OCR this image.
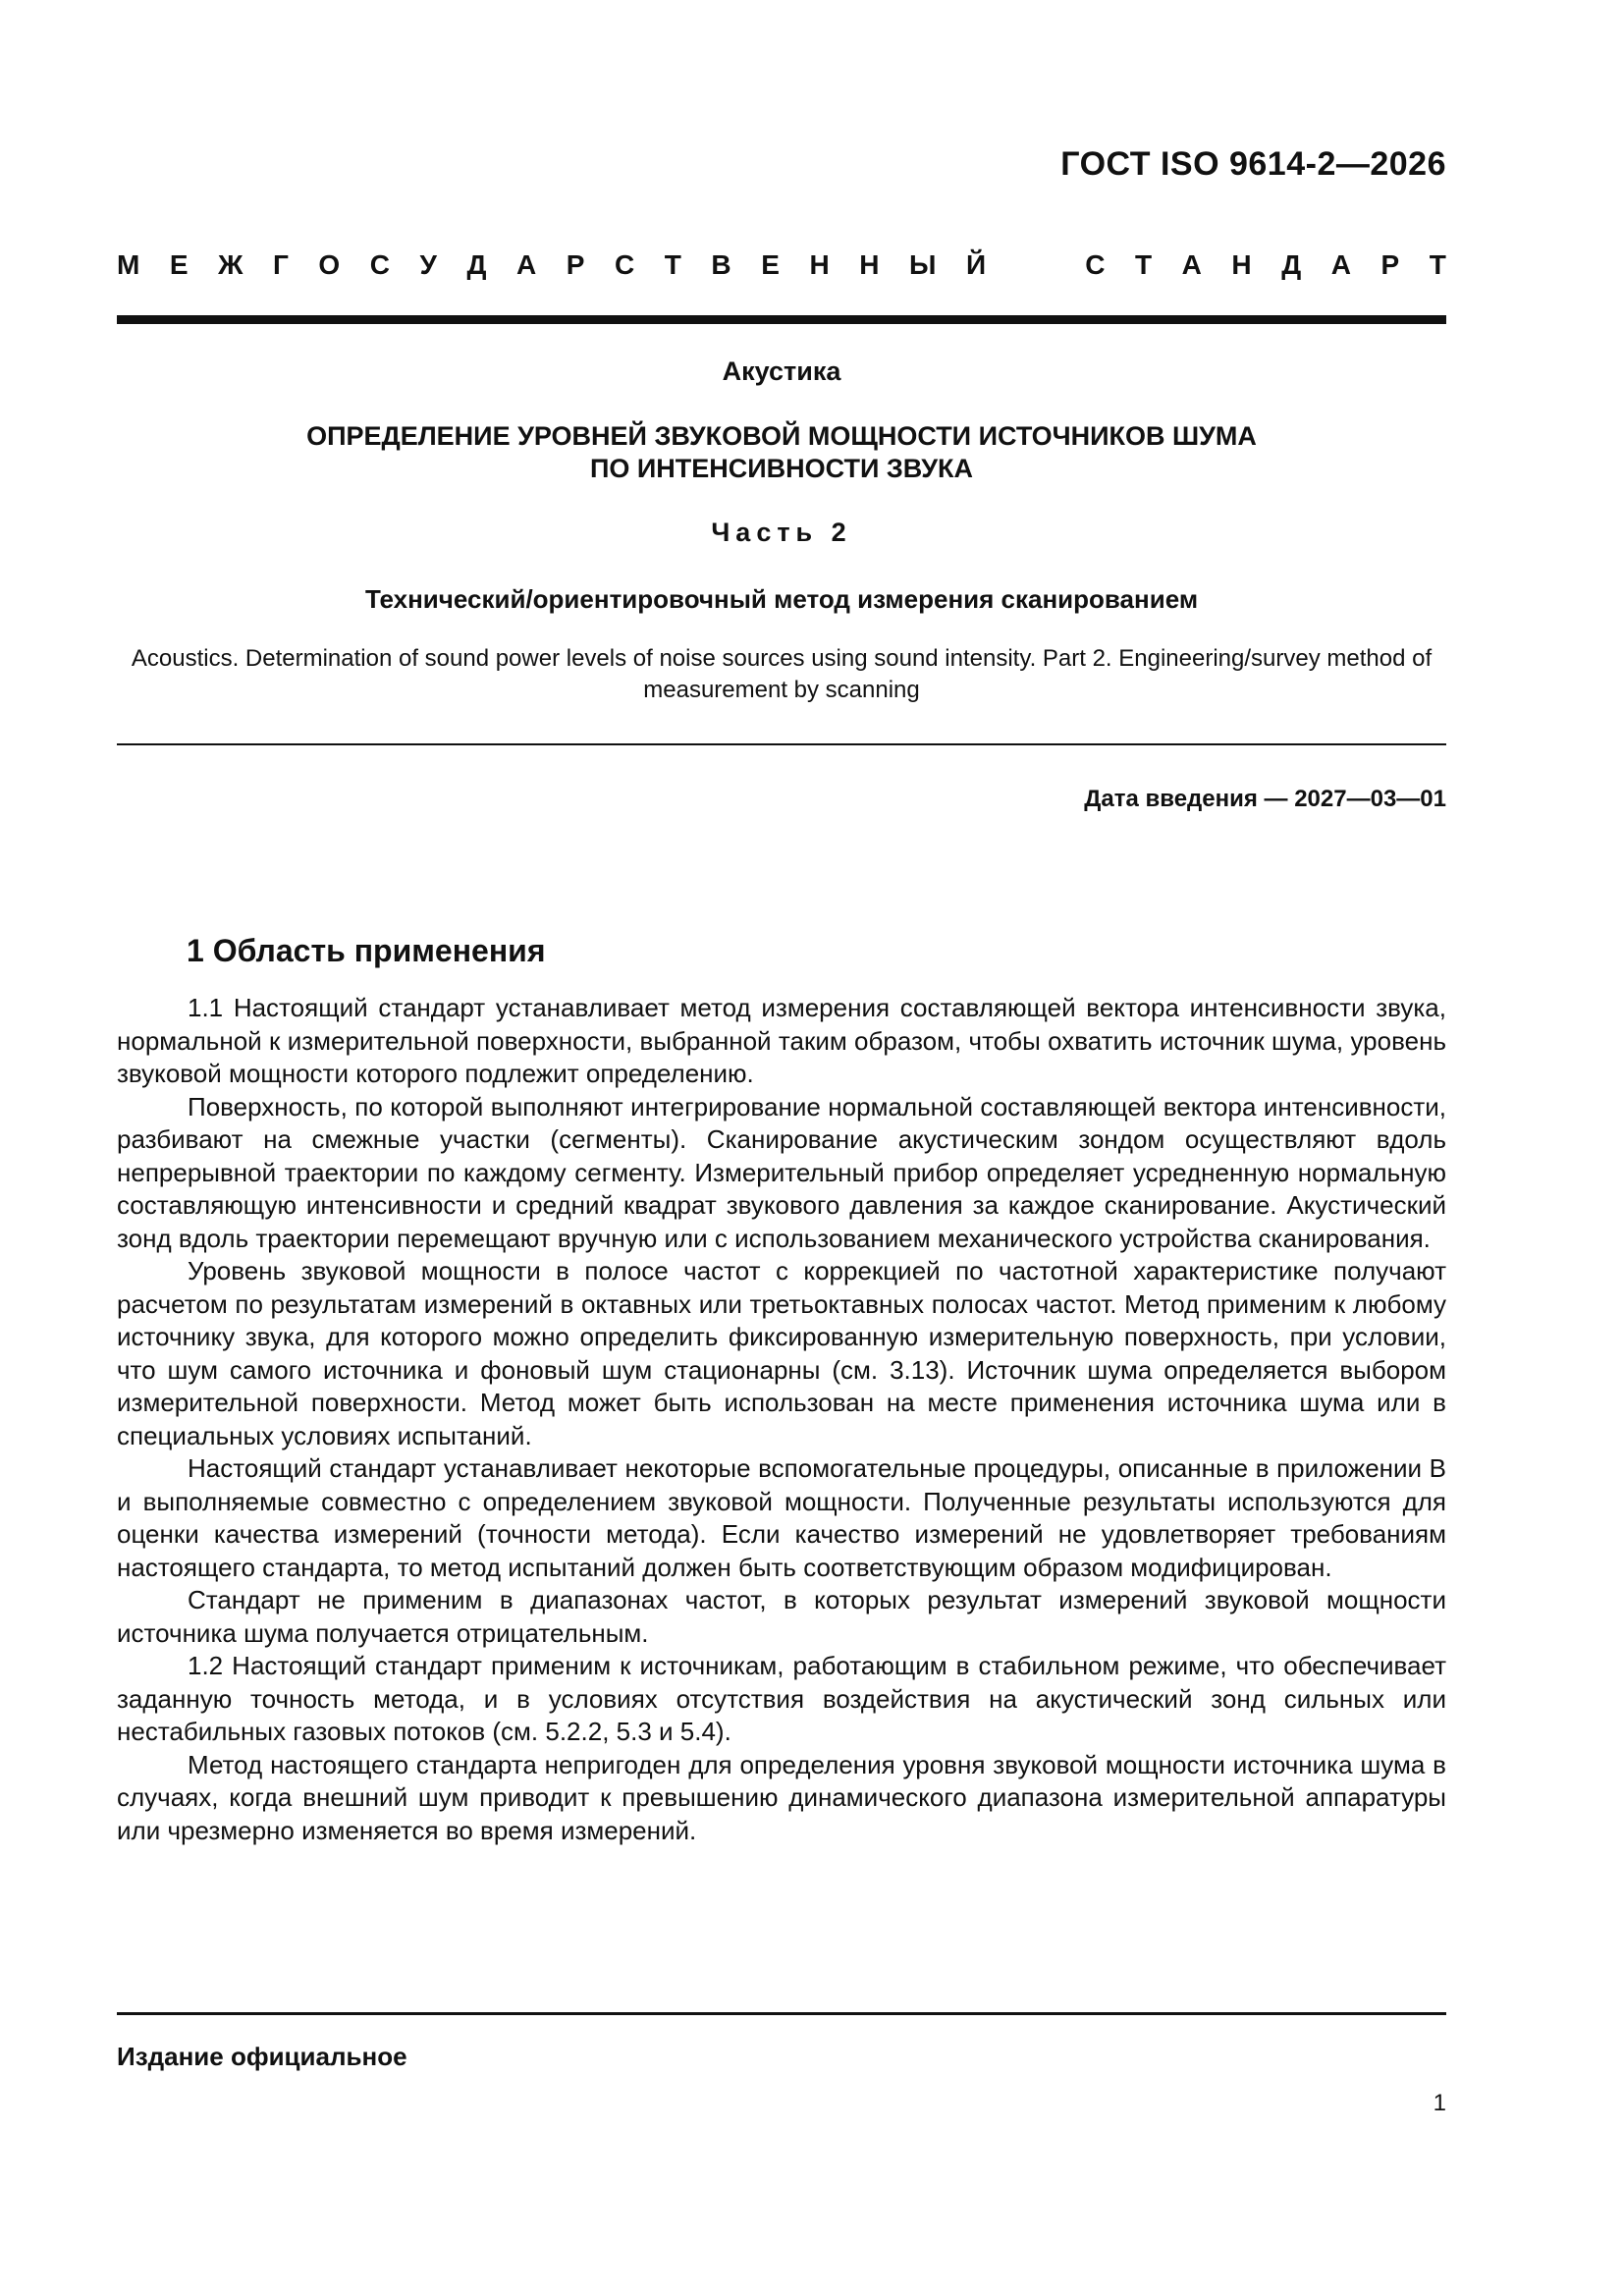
ГОСТ ISO 9614-2—2026
М Е Ж Г О С У Д А Р С Т В Е Н Н Ы Й	С Т А Н Д А Р Т
Акустика
ОПРЕДЕЛЕНИЕ УРОВНЕЙ ЗВУКОВОЙ МОЩНОСТИ ИСТОЧНИКОВ ШУМА
ПО ИНТЕНСИВНОСТИ ЗВУКА
Часть 2
Технический/ориентировочный метод измерения сканированием
Acoustics. Determination of sound power levels of noise sources using sound intensity. Part 2. Engineering/survey method of measurement by scanning
Дата введения — 2027—03—01
1 Область применения

1.1 Настоящий стандарт устанавливает метод измерения составляющей вектора интенсивности звука, нормальной к измерительной поверхности, выбранной таким образом, чтобы охватить источник шума, уровень звуковой мощности которого подлежит определению.

Поверхность, по которой выполняют интегрирование нормальной составляющей вектора интенсивности, разбивают на смежные участки (сегменты). Сканирование акустическим зондом осуществляют вдоль непрерывной траектории по каждому сегменту. Измерительный прибор определяет усредненную нормальную составляющую интенсивности и средний квадрат звукового давления за каждое сканирование. Акустический зонд вдоль траектории перемещают вручную или с использованием механического устройства сканирования.

Уровень звуковой мощности в полосе частот с коррекцией по частотной характеристике получают расчетом по результатам измерений в октавных или третьоктавных полосах частот. Метод применим к любому источнику звука, для которого можно определить фиксированную измерительную поверхность, при условии, что шум самого источника и фоновый шум стационарны (см. 3.13). Источник шума определяется выбором измерительной поверхности. Метод может быть использован на месте применения источника шума или в специальных условиях испытаний.

Настоящий стандарт устанавливает некоторые вспомогательные процедуры, описанные в приложении В и выполняемые совместно с определением звуковой мощности. Полученные результаты используются для оценки качества измерений (точности метода). Если качество измерений не удовлетворяет требованиям настоящего стандарта, то метод испытаний должен быть соответствующим образом модифицирован.

Стандарт не применим в диапазонах частот, в которых результат измерений звуковой мощности источника шума получается отрицательным.

1.2 Настоящий стандарт применим к источникам, работающим в стабильном режиме, что обеспечивает заданную точность метода, и в условиях отсутствия воздействия на акустический зонд сильных или нестабильных газовых потоков (см. 5.2.2, 5.3 и 5.4).

Метод настоящего стандарта непригоден для определения уровня звуковой мощности источника шума в случаях, когда внешний шум приводит к превышению динамического диапазона измерительной аппаратуры или чрезмерно изменяется во время измерений.

Издание официальное
1
